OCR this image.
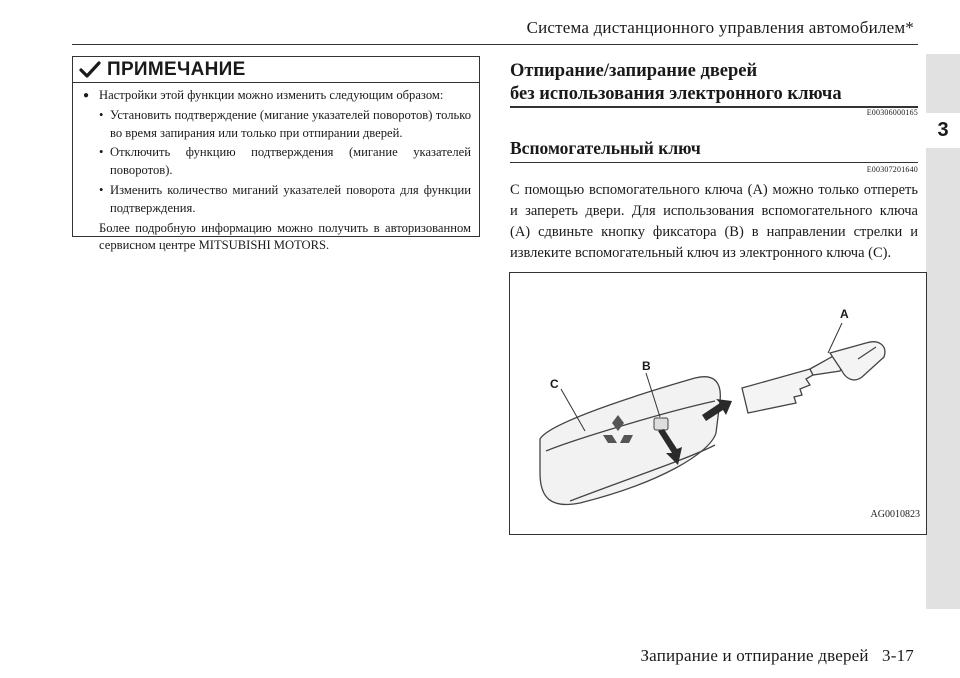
Система дистанционного управления автомобилем*
3
ПРИМЕЧАНИЕ
● Настройки этой функции можно изменить следующим образом:
• Установить подтверждение (мигание указателей поворотов) только во время запирания или только при отпирании дверей.
• Отключить функцию подтверждения (мигание указателей поворотов).
• Изменить количество миганий указателей поворота для функции подтверждения.
Более подробную информацию можно получить в авторизованном сервисном центре MITSUBISHI MOTORS.
Отпирание/запирание дверей
без использования электронного ключа
E00306000165
Вспомогательный ключ
E00307201640
С помощью вспомогательного ключа (A) можно только отпереть и запереть двери. Для использования вспомогательного ключа (A) сдвиньте кнопку фиксатора (B) в направлении стрелки и извлеките вспомогательный ключ из электронного ключа (C).
A
B
C
AG0010823
Запирание и отпирание дверей   3-17
